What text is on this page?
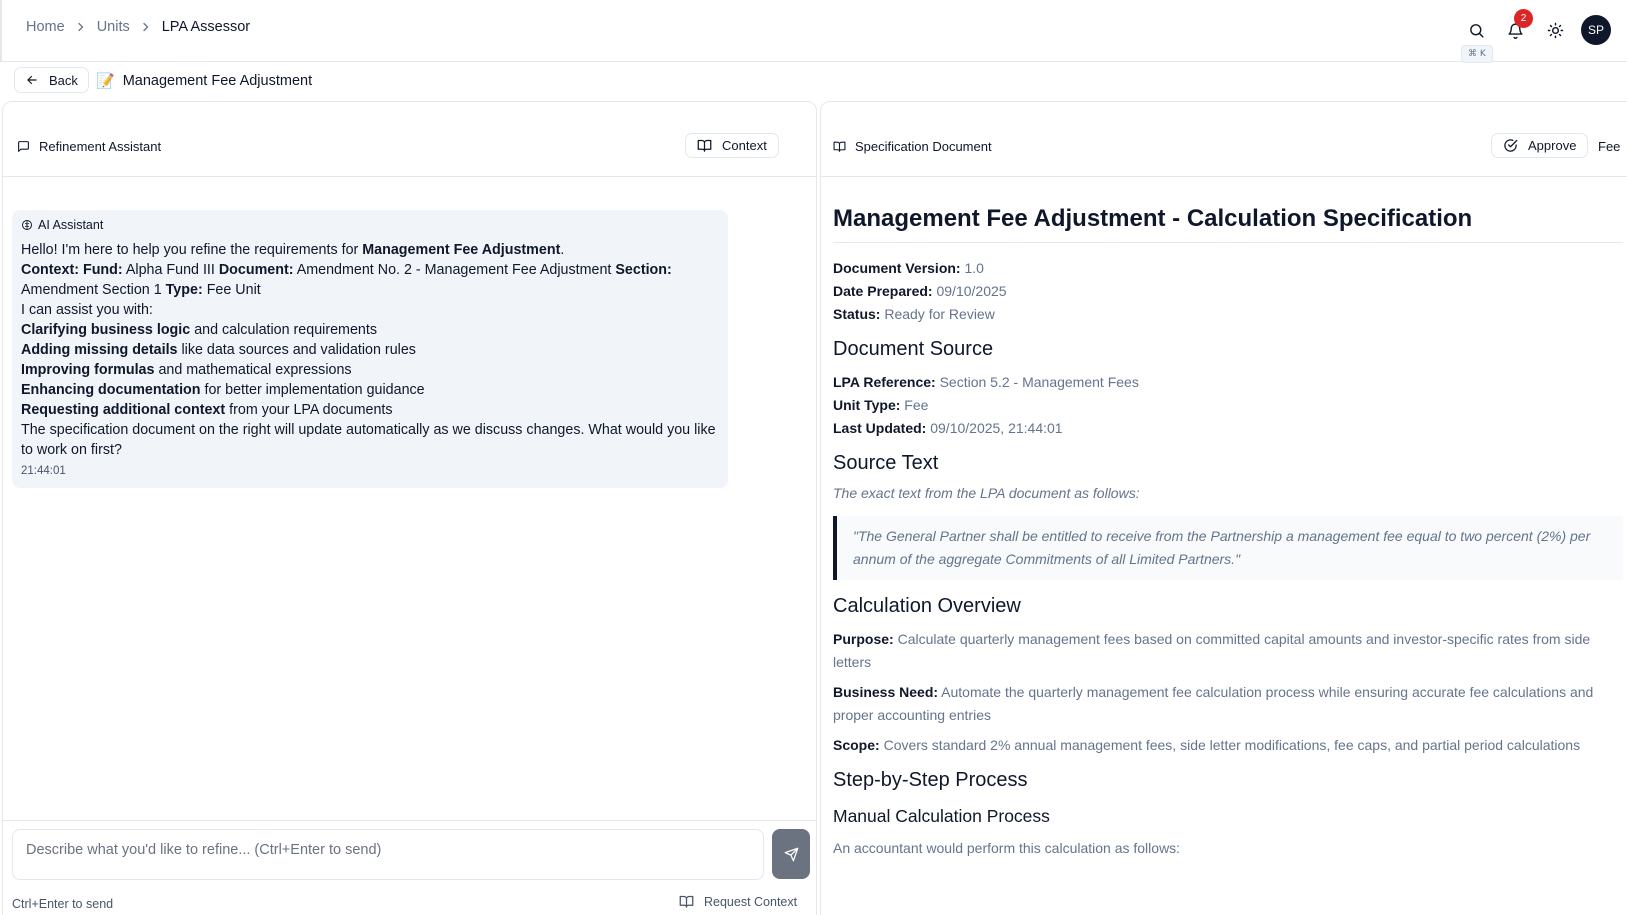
Home Units LPA Assessor
⌘ K
2
SP
Back 📝 Management Fee Adjustment
Refinement Assistant	Context
AI Assistant
Hello! I'm here to help you refine the requirements for Management Fee Adjustment.
Context: Fund: Alpha Fund III Document: Amendment No. 2 - Management Fee Adjustment Section: Amendment Section 1 Type: Fee Unit
I can assist you with:
Clarifying business logic and calculation requirements
Adding missing details like data sources and validation rules
Improving formulas and mathematical expressions
Enhancing documentation for better implementation guidance
Requesting additional context from your LPA documents
The specification document on the right will update automatically as we discuss changes. What would you like to work on first?
21:44:01
Describe what you'd like to refine... (Ctrl+Enter to send)
Ctrl+Enter to send	Request Context
Specification Document	Approve Fee
Management Fee Adjustment - Calculation Specification
Document Version: 1.0
Date Prepared: 09/10/2025
Status: Ready for Review
Document Source
LPA Reference: Section 5.2 - Management Fees
Unit Type: Fee
Last Updated: 09/10/2025, 21:44:01
Source Text
The exact text from the LPA document as follows:
"The General Partner shall be entitled to receive from the Partnership a management fee equal to two percent (2%) per annum of the aggregate Commitments of all Limited Partners."
Calculation Overview
Purpose: Calculate quarterly management fees based on committed capital amounts and investor-specific rates from side letters
Business Need: Automate the quarterly management fee calculation process while ensuring accurate fee calculations and proper accounting entries
Scope: Covers standard 2% annual management fees, side letter modifications, fee caps, and partial period calculations
Step-by-Step Process
Manual Calculation Process
An accountant would perform this calculation as follows:
